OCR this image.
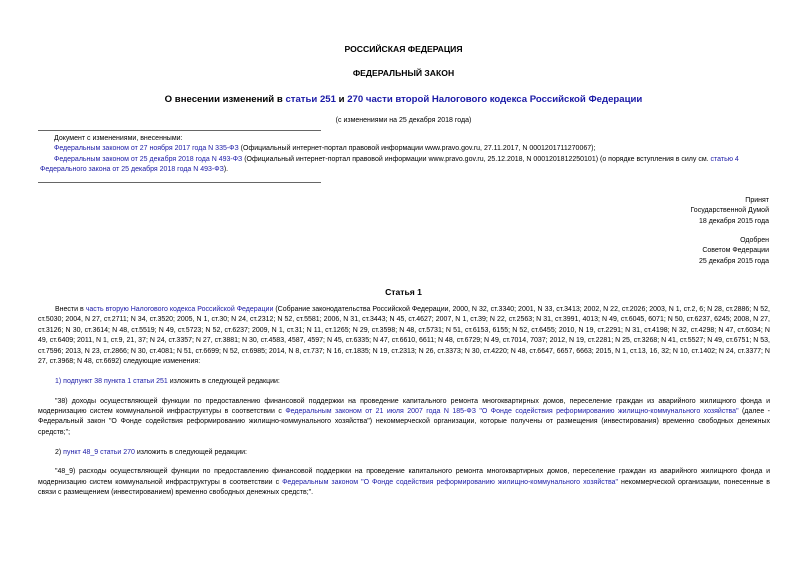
РОССИЙСКАЯ ФЕДЕРАЦИЯ
ФЕДЕРАЛЬНЫЙ ЗАКОН
О внесении изменений в статьи 251 и 270 части второй Налогового кодекса Российской Федерации
(с изменениями на 25 декабря 2018 года)

Документ с изменениями, внесенными:

Федеральным законом от 27 ноября 2017 года N 335-ФЗ (Официальный интернет-портал правовой информации www.pravo.gov.ru, 27.11.2017, N 0001201711270067);

Федеральным законом от 25 декабря 2018 года N 493-ФЗ (Официальный интернет-портал правовой информации www.pravo.gov.ru, 25.12.2018, N 0001201812250101) (о порядке вступления в силу см. статью 4 Федерального закона от 25 декабря 2018 года N 493-ФЗ).

Принят

Государственной Думой

18 декабря 2015 года

Одобрен

Советом Федерации

25 декабря 2015 года

Статья 1

Внести в часть вторую Налогового кодекса Российской Федерации (Собрание законодательства Российской Федерации, 2000, N 32, ст.3340; 2001, N 33, ст.3413; 2002, N 22, ст.2026; 2003, N 1, ст.2, 6; N 28, ст.2886; N 52, ст.5030; 2004, N 27, ст.2711; N 34, ст.3520; 2005, N 1, ст.30; N 24, ст.2312; N 52, ст.5581; 2006, N 31, ст.3443; N 45, ст.4627; 2007, N 1, ст.39; N 22, ст.2563; N 31, ст.3991, 4013; N 49, ст.6045, 6071; N 50, ст.6237, 6245; 2008, N 27, ст.3126; N 30, ст.3614; N 48, ст.5519; N 49, ст.5723; N 52, ст.6237; 2009, N 1, ст.31; N 11, ст.1265; N 29, ст.3598; N 48, ст.5731; N 51, ст.6153, 6155; N 52, ст.6455; 2010, N 19, ст.2291; N 31, ст.4198; N 32, ст.4298; N 47, ст.6034; N 49, ст.6409; 2011, N 1, ст.9, 21, 37; N 24, ст.3357; N 27, ст.3881; N 30, ст.4583, 4587, 4597; N 45, ст.6335; N 47, ст.6610, 6611; N 48, ст.6729; N 49, ст.7014, 7037; 2012, N 19, ст.2281; N 25, ст.3268; N 41, ст.5527; N 49, ст.6751; N 53, ст.7596; 2013, N 23, ст.2866; N 30, ст.4081; N 51, ст.6699; N 52, ст.6985; 2014, N 8, ст.737; N 16, ст.1835; N 19, ст.2313; N 26, ст.3373; N 30, ст.4220; N 48, ст.6647, 6657, 6663; 2015, N 1, ст.13, 16, 32; N 10, ст.1402; N 24, ст.3377; N 27, ст.3968; N 48, ст.6692) следующие изменения:

1) подпункт 38 пункта 1 статьи 251 изложить в следующей редакции:

"38) доходы осуществляющей функции по предоставлению финансовой поддержки на проведение капитального ремонта многоквартирных домов, переселение граждан из аварийного жилищного фонда и модернизацию систем коммунальной инфраструктуры в соответствии с Федеральным законом от 21 июля 2007 года N 185-ФЗ "О Фонде содействия реформированию жилищно-коммунального хозяйства" (далее - Федеральный закон "О Фонде содействия реформированию жилищно-коммунального хозяйства") некоммерческой организации, которые получены от размещения (инвестирования) временно свободных денежных средств;";

2) пункт 48_9 статьи 270 изложить в следующей редакции:

"48_9) расходы осуществляющей функции по предоставлению финансовой поддержки на проведение капитального ремонта многоквартирных домов, переселение граждан из аварийного жилищного фонда и модернизацию систем коммунальной инфраструктуры в соответствии с Федеральным законом "О Фонде содействия реформированию жилищно-коммунального хозяйства" некоммерческой организации, понесенные в связи с размещением (инвестированием) временно свободных денежных средств;".
